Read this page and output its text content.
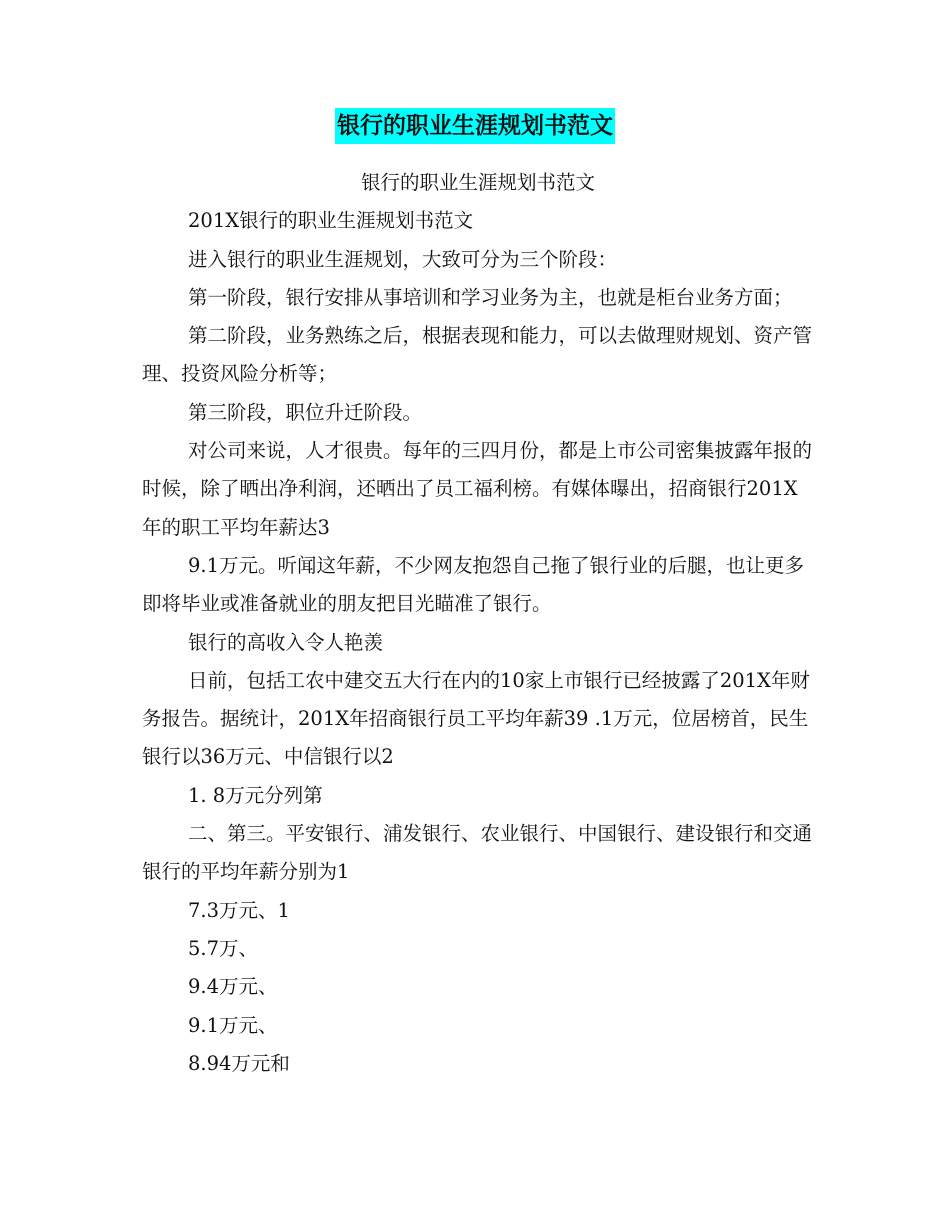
银行的职业生涯规划书范文

银行的职业生涯规划书范文

201X银行的职业生涯规划书范文

进入银行的职业生涯规划，大致可分为三个阶段：

第一阶段，银行安排从事培训和学习业务为主，也就是柜台业务方面；

第二阶段，业务熟练之后，根据表现和能力，可以去做理财规划、资产管理、投资风险分析等；

第三阶段，职位升迁阶段。

对公司来说，人才很贵。每年的三四月份，都是上市公司密集披露年报的时候，除了晒出净利润，还晒出了员工福利榜。有媒体曝出，招商银行201X年的职工平均年薪达3

9.1万元。听闻这年薪，不少网友抱怨自己拖了银行业的后腿，也让更多即将毕业或准备就业的朋友把目光瞄准了银行。

银行的高收入令人艳羡

日前，包括工农中建交五大行在内的10家上市银行已经披露了201X年财务报告。据统计，201X年招商银行员工平均年薪39 .1万元，位居榜首，民生银行以36万元、中信银行以2

1. 8万元分列第

二、第三。平安银行、浦发银行、农业银行、中国银行、建设银行和交通银行的平均年薪分别为1

7.3万元、1

5.7万、

9.4万元、

9.1万元、

8.94万元和
